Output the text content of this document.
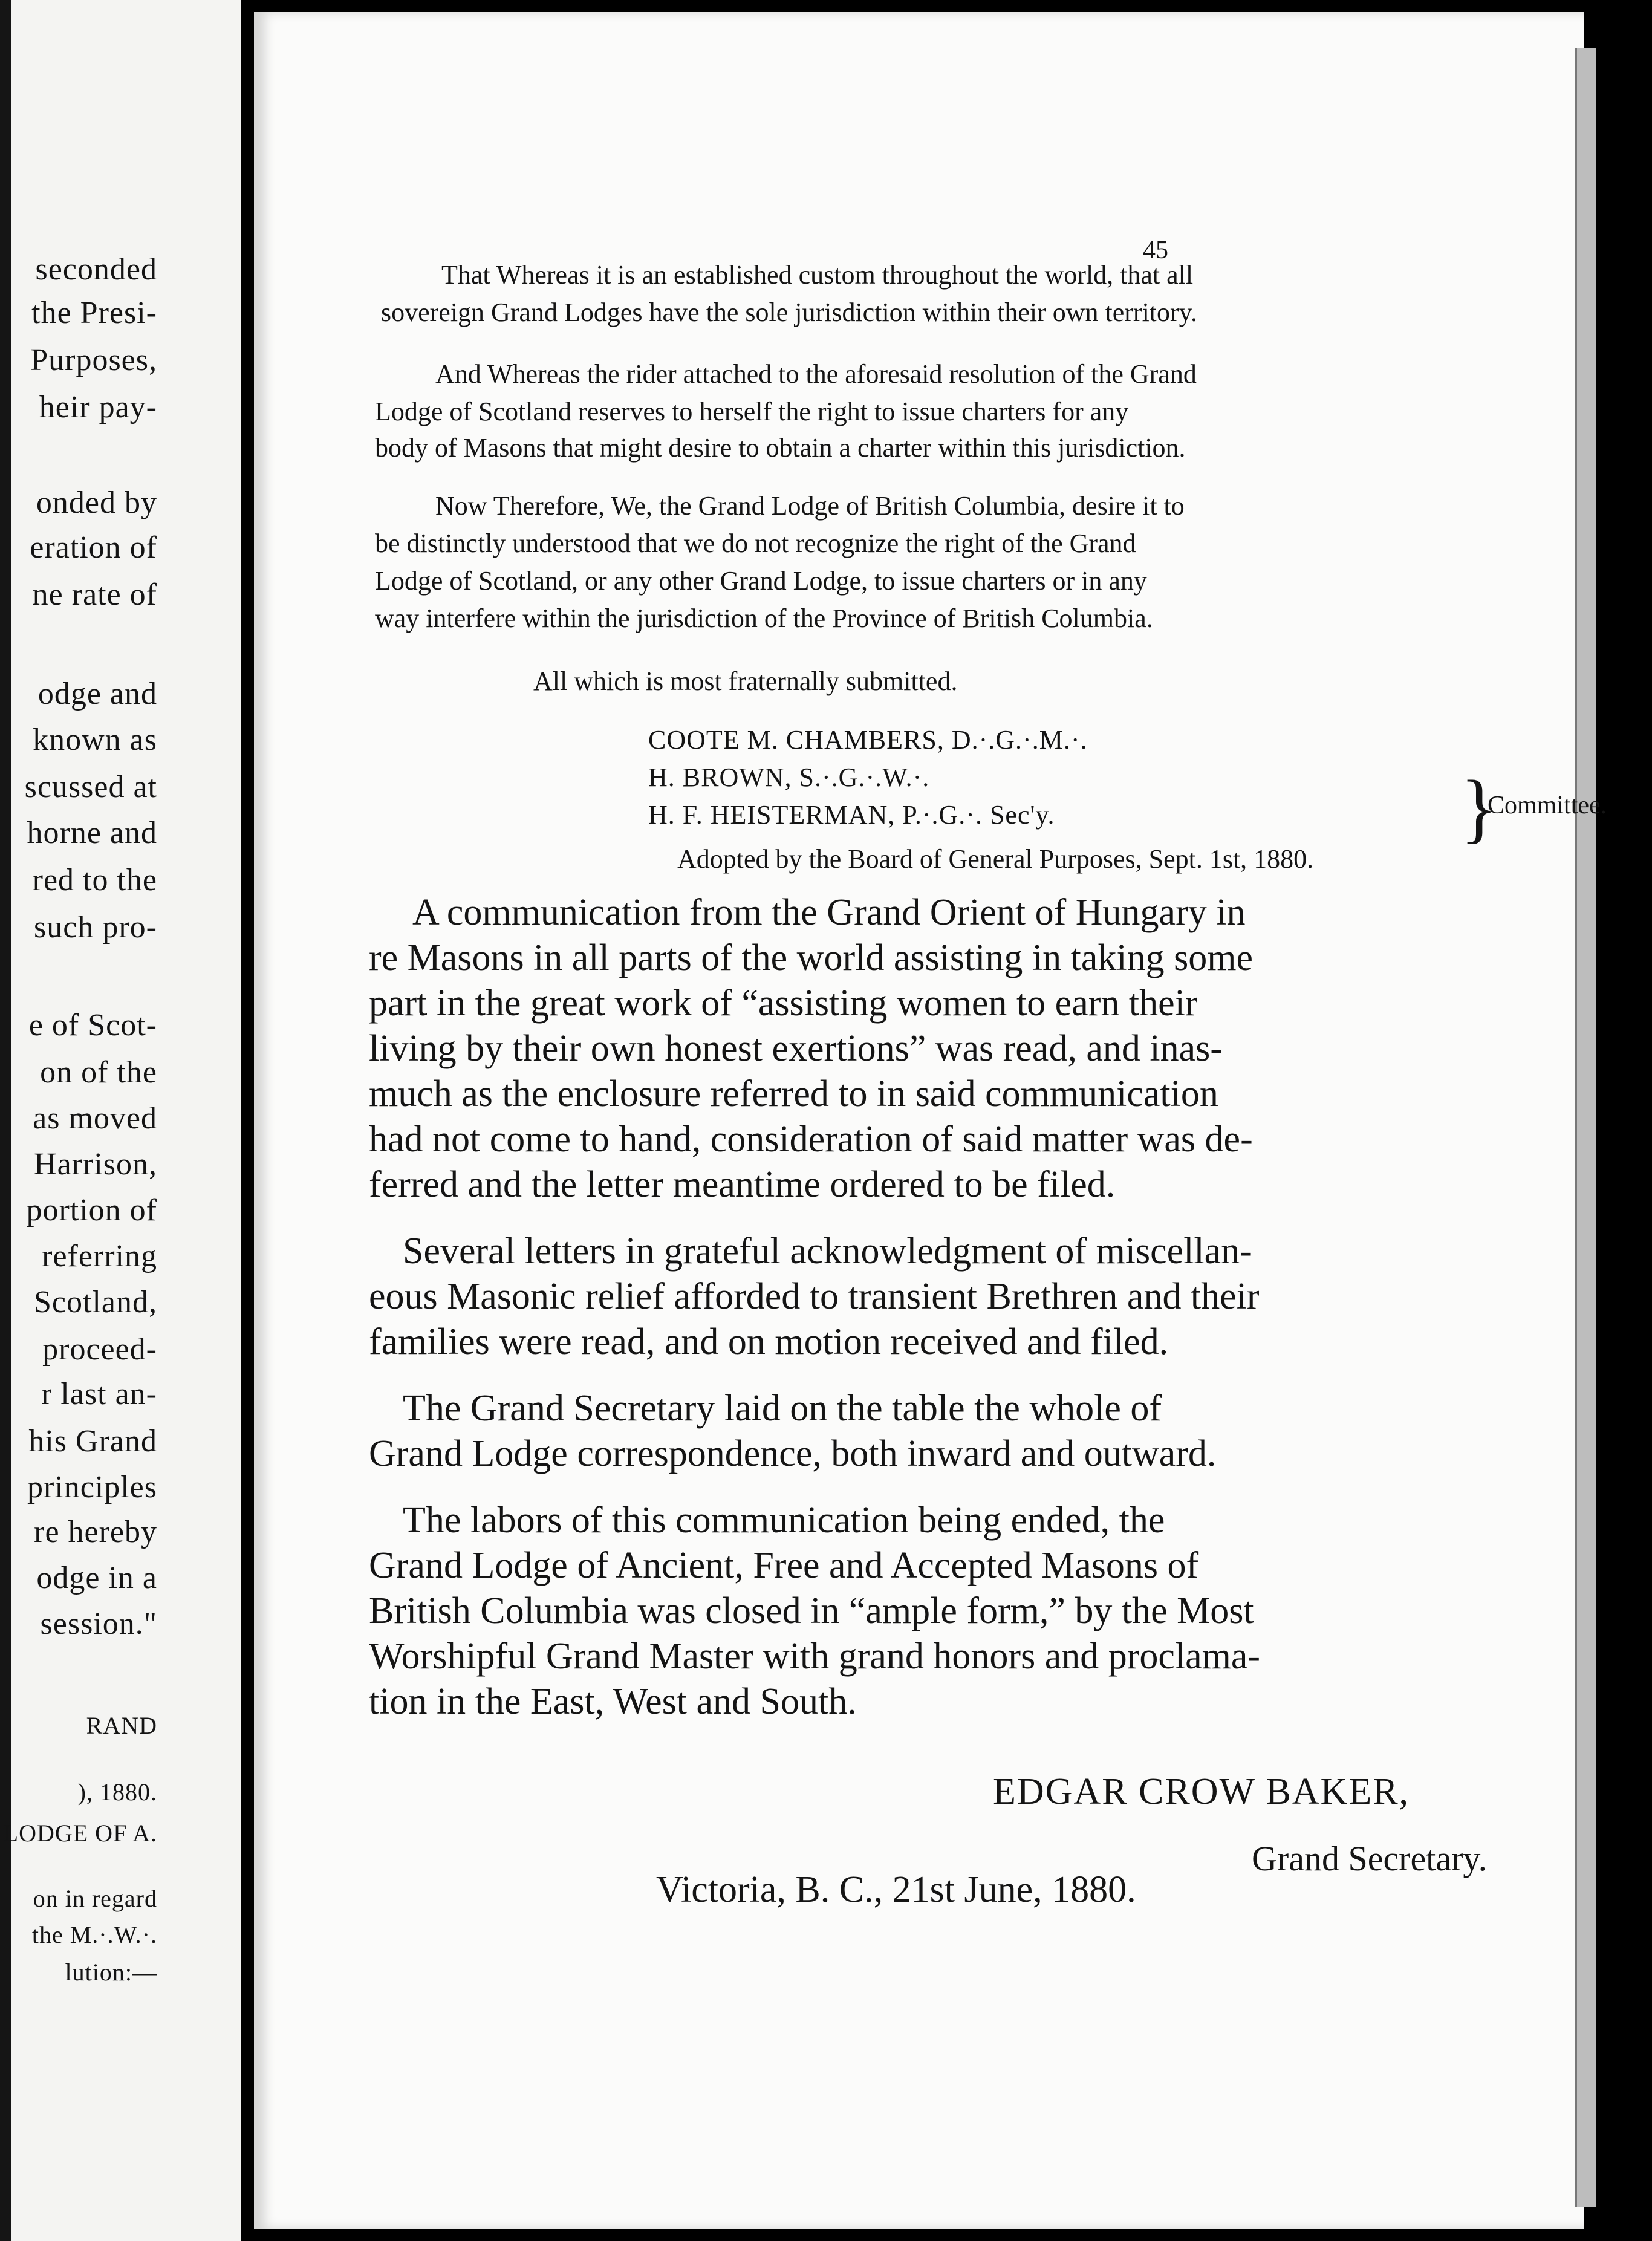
seconded
the Presi-
Purposes,
heir pay-
onded by
eration of
ne rate of
odge and
known as
scussed at
horne and
red to the
such pro-
e of Scot-
on of the
as moved
Harrison,
portion of
referring
Scotland,
proceed-
r last an-
his Grand
principles
re hereby
odge in a
session."
RAND
), 1880.
LODGE OF A.
on in regard
the M.·.W.·.
lution:—
45
That Whereas it is an established custom throughout the world, that all
sovereign Grand Lodges have the sole jurisdiction within their own territory.
And Whereas the rider attached to the aforesaid resolution of the Grand
Lodge of Scotland reserves to herself the right to issue charters for any
body of Masons that might desire to obtain a charter within this jurisdiction.
Now Therefore, We, the Grand Lodge of British Columbia, desire it to
be distinctly understood that we do not recognize the right of the Grand
Lodge of Scotland, or any other Grand Lodge, to issue charters or in any
way interfere within the jurisdiction of the Province of British Columbia.
All which is most fraternally submitted.
COOTE M. CHAMBERS, D.·.G.·.M.·.
H. BROWN, S.·.G.·.W.·.
H. F. HEISTERMAN, P.·.G.·. Sec'y.	}
Committee.
Adopted by the Board of General Purposes, Sept. 1st, 1880.
A communication from the Grand Orient of Hungary in
re Masons in all parts of the world assisting in taking some
part in the great work of “assisting women to earn their
living by their own honest exertions” was read, and inas-
much as the enclosure referred to in said communication
had not come to hand, consideration of said matter was de-
ferred and the letter meantime ordered to be filed.
Several letters in grateful acknowledgment of miscellan-
eous Masonic relief afforded to transient Brethren and their
families were read, and on motion received and filed.
The Grand Secretary laid on the table the whole of
Grand Lodge correspondence, both inward and outward.
The labors of this communication being ended, the
Grand Lodge of Ancient, Free and Accepted Masons of
British Columbia was closed in “ample form,” by the Most
Worshipful Grand Master with grand honors and proclama-
tion in the East, West and South.
EDGAR CROW BAKER,
Grand Secretary.
Victoria, B. C., 21st June, 1880.
